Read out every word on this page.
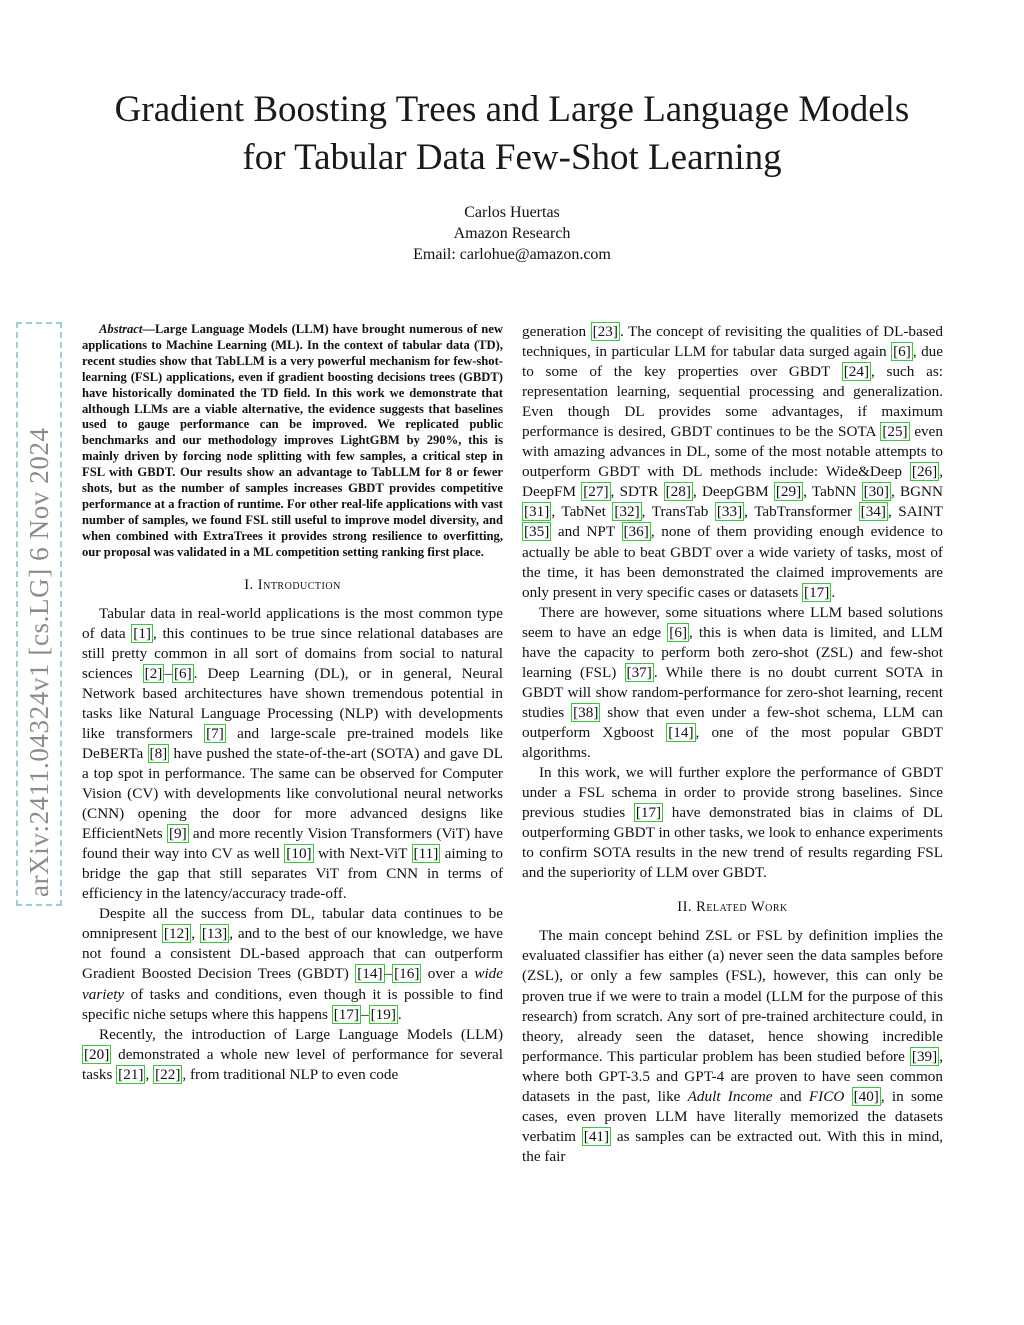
Gradient Boosting Trees and Large Language Models for Tabular Data Few-Shot Learning
Carlos Huertas
Amazon Research
Email: carlohue@amazon.com
arXiv:2411.04324v1 [cs.LG] 6 Nov 2024

Abstract—Large Language Models (LLM) have brought numerous of new applications to Machine Learning (ML). In the context of tabular data (TD), recent studies show that TabLLM is a very powerful mechanism for few-shot-learning (FSL) applications, even if gradient boosting decisions trees (GBDT) have historically dominated the TD field. In this work we demonstrate that although LLMs are a viable alternative, the evidence suggests that baselines used to gauge performance can be improved. We replicated public benchmarks and our methodology improves LightGBM by 290%, this is mainly driven by forcing node splitting with few samples, a critical step in FSL with GBDT. Our results show an advantage to TabLLM for 8 or fewer shots, but as the number of samples increases GBDT provides competitive performance at a fraction of runtime. For other real-life applications with vast number of samples, we found FSL still useful to improve model diversity, and when combined with ExtraTrees it provides strong resilience to overfitting, our proposal was validated in a ML competition setting ranking first place.

I. Introduction

Tabular data in real-world applications is the most common type of data [1] , this continues to be true since relational databases are still pretty common in all sort of domains from social to natural sciences [2] – [6] . Deep Learning (DL), or in general, Neural Network based architectures have shown tremendous potential in tasks like Natural Language Processing (NLP) with developments like transformers [7] and large-scale pre-trained models like DeBERTa [8] have pushed the state-of-the-art (SOTA) and gave DL a top spot in performance. The same can be observed for Computer Vision (CV) with developments like convolutional neural networks (CNN) opening the door for more advanced designs like EfficientNets [9] and more recently Vision Transformers (ViT) have found their way into CV as well [10] with Next-ViT [11] aiming to bridge the gap that still separates ViT from CNN in terms of efficiency in the latency/accuracy trade-off.

Despite all the success from DL, tabular data continues to be omnipresent [12] , [13] , and to the best of our knowledge, we have not found a consistent DL-based approach that can outperform Gradient Boosted Decision Trees (GBDT) [14] – [16] over a wide variety of tasks and conditions, even though it is possible to find specific niche setups where this happens [17] – [19] .

Recently, the introduction of Large Language Models (LLM) [20] demonstrated a whole new level of performance for several tasks [21] , [22] , from traditional NLP to even code

generation [23] . The concept of revisiting the qualities of DL-based techniques, in particular LLM for tabular data surged again [6] , due to some of the key properties over GBDT [24] , such as: representation learning, sequential processing and generalization. Even though DL provides some advantages, if maximum performance is desired, GBDT continues to be the SOTA [25] even with amazing advances in DL, some of the most notable attempts to outperform GBDT with DL methods include: Wide&Deep [26] , DeepFM [27] , SDTR [28] , DeepGBM [29] , TabNN [30] , BGNN [31] , TabNet [32] , TransTab [33] , TabTransformer [34] , SAINT [35] and NPT [36] , none of them providing enough evidence to actually be able to beat GBDT over a wide variety of tasks, most of the time, it has been demonstrated the claimed improvements are only present in very specific cases or datasets [17] .

There are however, some situations where LLM based solutions seem to have an edge [6] , this is when data is limited, and LLM have the capacity to perform both zero-shot (ZSL) and few-shot learning (FSL) [37] . While there is no doubt current SOTA in GBDT will show random-performance for zero-shot learning, recent studies [38] show that even under a few-shot schema, LLM can outperform Xgboost [14] , one of the most popular GBDT algorithms.

In this work, we will further explore the performance of GBDT under a FSL schema in order to provide strong baselines. Since previous studies [17] have demonstrated bias in claims of DL outperforming GBDT in other tasks, we look to enhance experiments to confirm SOTA results in the new trend of results regarding FSL and the superiority of LLM over GBDT.

II. Related Work

The main concept behind ZSL or FSL by definition implies the evaluated classifier has either (a) never seen the data samples before (ZSL), or only a few samples (FSL), however, this can only be proven true if we were to train a model (LLM for the purpose of this research) from scratch. Any sort of pre-trained architecture could, in theory, already seen the dataset, hence showing incredible performance. This particular problem has been studied before [39] , where both GPT-3.5 and GPT-4 are proven to have seen common datasets in the past, like Adult Income and FICO [40] , in some cases, even proven LLM have literally memorized the datasets verbatim [41] as samples can be extracted out. With this in mind, the fair
